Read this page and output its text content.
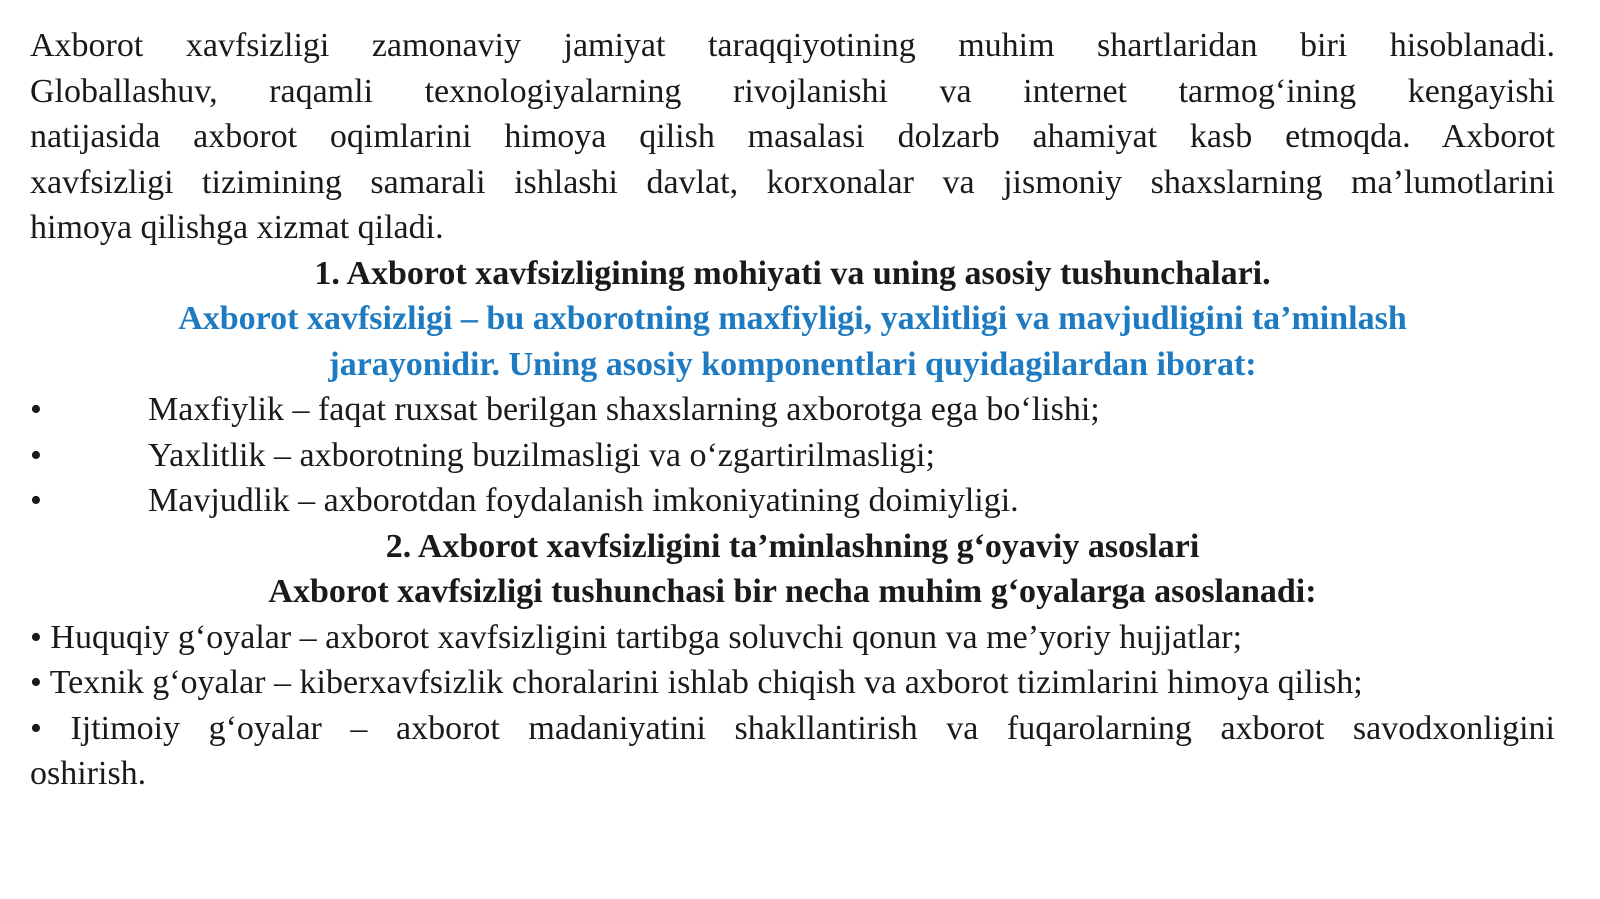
Axborot xavfsizligi zamonaviy jamiyat taraqqiyotining muhim shartlaridan biri hisoblanadi.

Globallashuv, raqamli texnologiyalarning rivojlanishi va internet tarmog‘ining kengayishi

natijasida axborot oqimlarini himoya qilish masalasi dolzarb ahamiyat kasb etmoqda. Axborot

xavfsizligi tizimining samarali ishlashi davlat, korxonalar va jismoniy shaxslarning ma’lumotlarini

himoya qilishga xizmat qiladi.

1. Axborot xavfsizligining mohiyati va uning asosiy tushunchalari.

Axborot xavfsizligi – bu axborotning maxfiyligi, yaxlitligi va mavjudligini ta’minlash

jarayonidir. Uning asosiy komponentlari quyidagilardan iborat:

•	Maxfiylik – faqat ruxsat berilgan shaxslarning axborotga ega bo‘lishi;
•	Yaxlitlik – axborotning buzilmasligi va o‘zgartirilmasligi;
•	Mavjudlik – axborotdan foydalanish imkoniyatining doimiyligi.

2. Axborot xavfsizligini ta’minlashning g‘oyaviy asoslari

Axborot xavfsizligi tushunchasi bir necha muhim g‘oyalarga asoslanadi:

• Huquqiy g‘oyalar – axborot xavfsizligini tartibga soluvchi qonun va me’yoriy hujjatlar;

• Texnik g‘oyalar – kiberxavfsizlik choralarini ishlab chiqish va axborot tizimlarini himoya qilish;

• Ijtimoiy g‘oyalar – axborot madaniyatini shakllantirish va fuqarolarning axborot savodxonligini

oshirish.
